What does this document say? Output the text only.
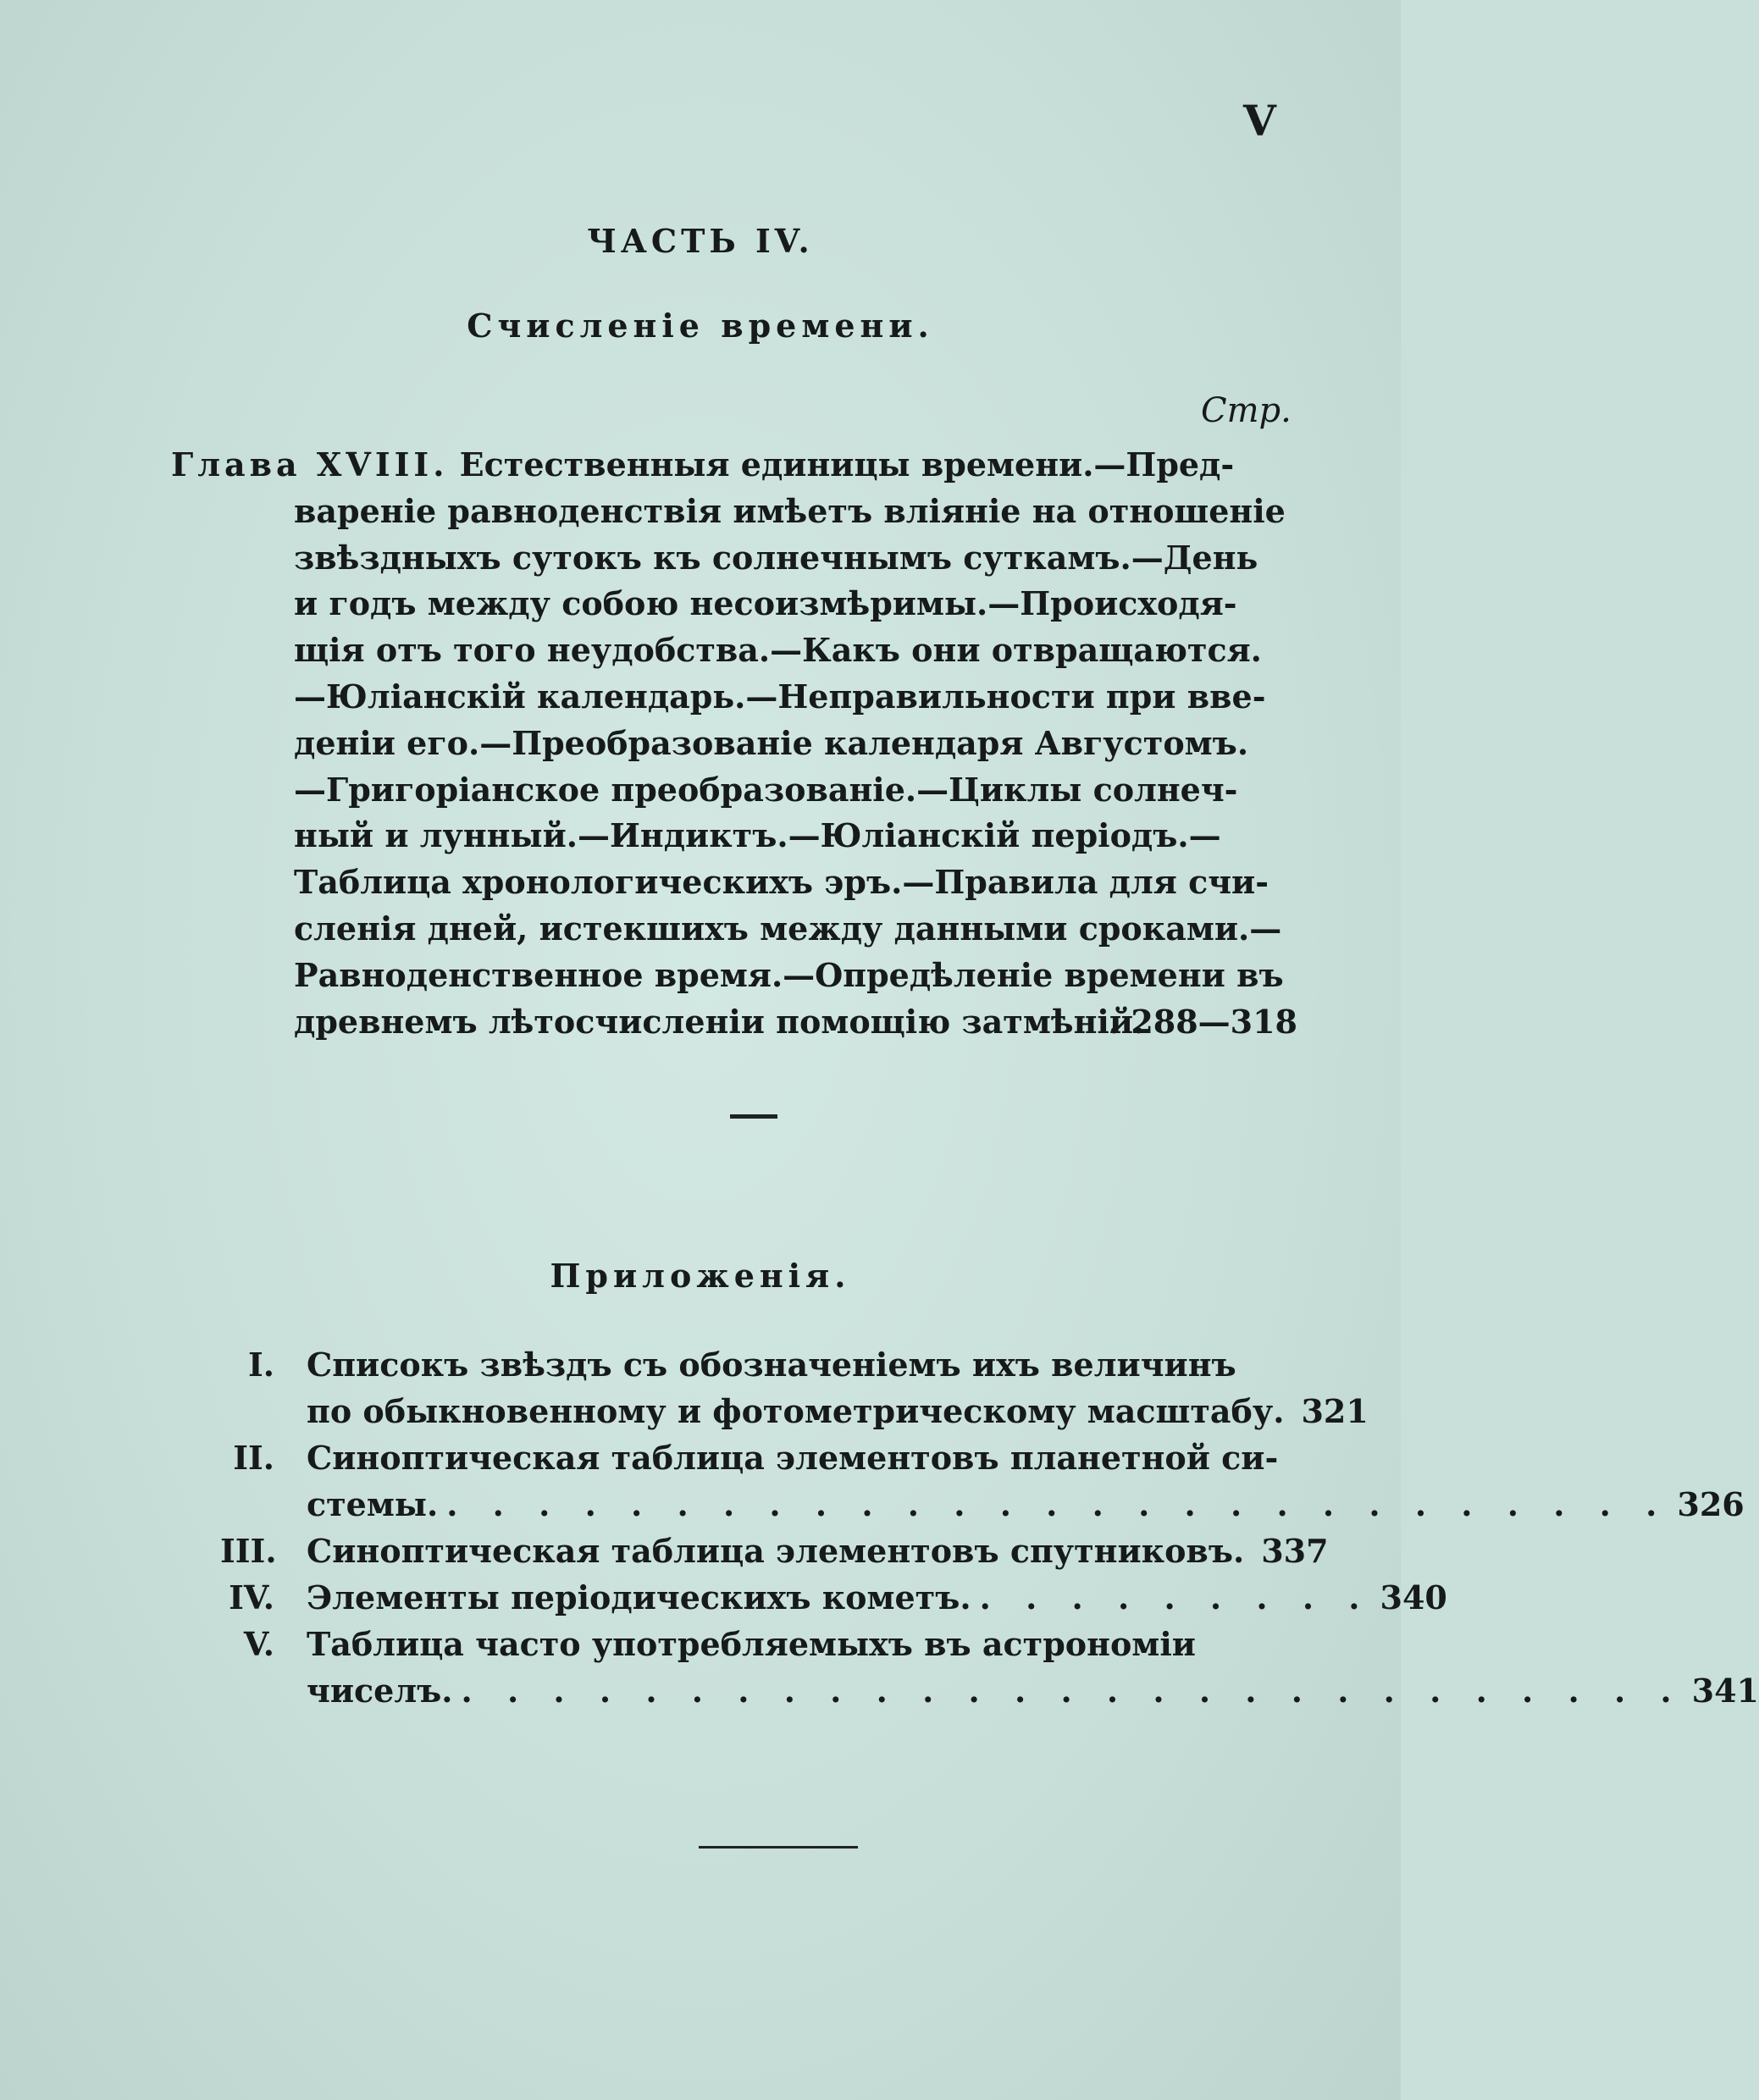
V
ЧАСТЬ IV.
Счисленіе времени.
Стр.
Глава XVIII. Естественныя единицы времени.—Пред-
вареніе равноденствія имѣетъ вліяніе на отношеніе
звѣздныхъ сутокъ къ солнечнымъ суткамъ.—День
и годъ между собою несоизмѣримы.—Происходя-
щія отъ того неудобства.—Какъ они отвращаются.
—Юліанскій календарь.—Неправильности при вве-
деніи его.—Преобразованіе календаря Августомъ.
—Григоріанское преобразованіе.—Циклы солнеч-
ный и лунный.—Индиктъ.—Юліанскій періодъ.—
Таблица хронологическихъ эръ.—Правила для счи-
сленія дней, истекшихъ между данными сроками.—
Равноденственное время.—Опредѣленіе времени въ
древнемъ лѣтосчисленіи помощію затмѣній.
. 288—318
Приложенія.
I. Списокъ звѣздъ съ обозначеніемъ ихъ величинъ
по обыкновенному и фотометрическому масштабу. 321
II. Синоптическая таблица элементовъ планетной си-
стемы. . . . . . . . . . . . . . . . . . . . . . . . . . . . 326
III. Синоптическая таблица элементовъ спутниковъ. 337
IV. Элементы періодическихъ кометъ. . . . . . . . . . 340
V. Таблица часто употребляемыхъ въ астрономіи
чиселъ. . . . . . . . . . . . . . . . . . . . . . . . . . . . 341
